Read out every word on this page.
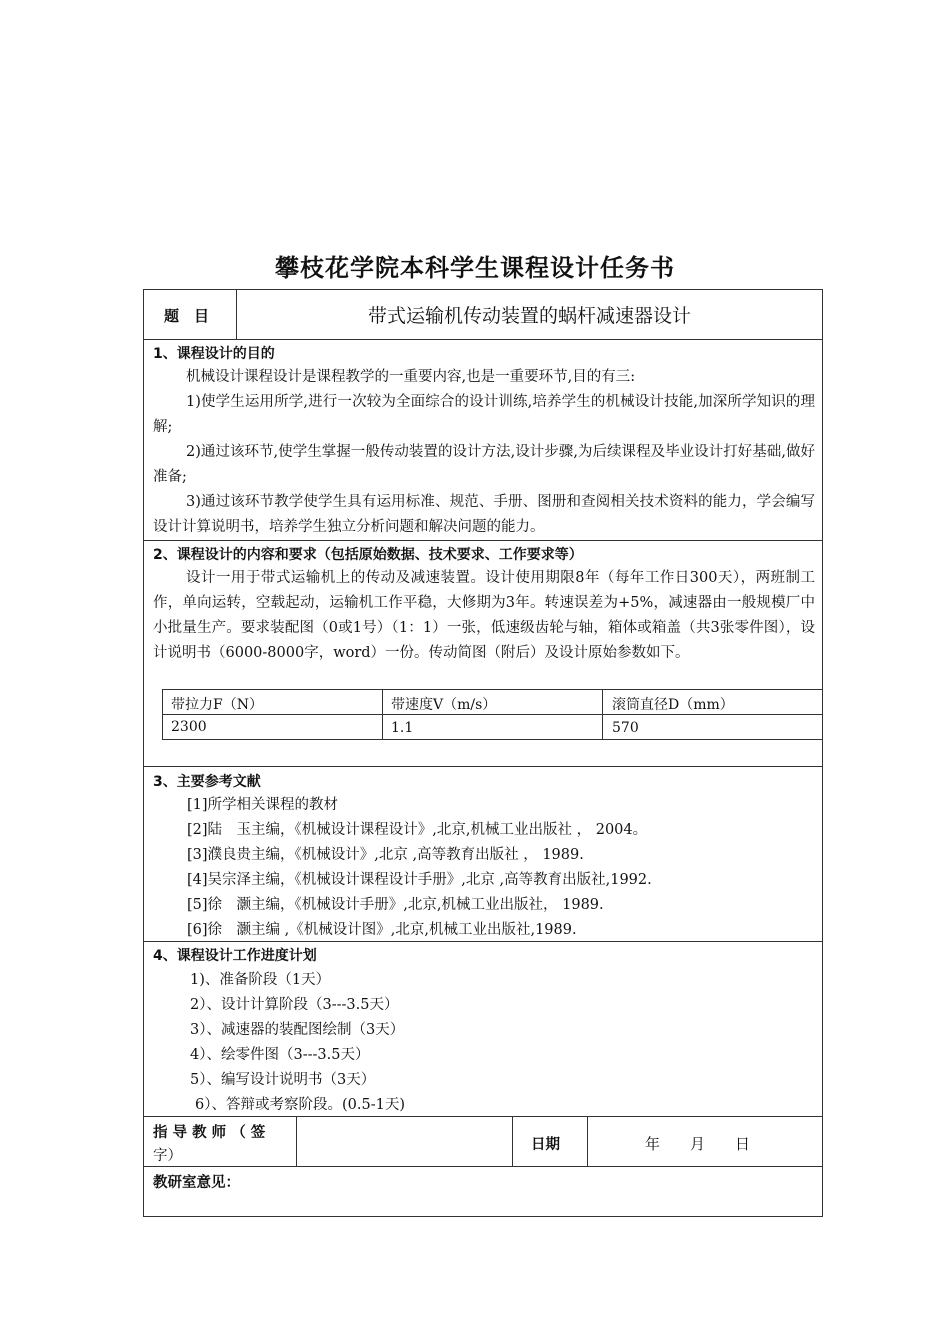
攀枝花学院本科学生课程设计任务书
题　目	带式运输机传动装置的蜗杆减速器设计
1、课程设计的目的

机械设计课程设计是课程教学的一重要内容,也是一重要环节,目的有三:

1)使学生运用所学,进行一次较为全面综合的设计训练,培养学生的机械设计技能,加深所学知识的理解;

2)通过该环节,使学生掌握一般传动装置的设计方法,设计步骤,为后续课程及毕业设计打好基础,做好准备;

3)通过该环节教学使学生具有运用标准、规范、手册、图册和查阅相关技术资料的能力，学会编写设计计算说明书，培养学生独立分析问题和解决问题的能力。

2、课程设计的内容和要求（包括原始数据、技术要求、工作要求等）

设计一用于带式运输机上的传动及减速装置。设计使用期限8年（每年工作日300天），两班制工作，单向运转，空载起动，运输机工作平稳，大修期为3年。转速误差为+5%，减速器由一般规模厂中小批量生产。要求装配图（0或1号）（1：1）一张，低速级齿轮与轴，箱体或箱盖（共3张零件图），设计说明书（6000-8000字，word）一份。传动简图（附后）及设计原始参数如下。

带拉力F（N）	带速度V（m/s）	滚筒直径D（mm）
2300	1.1	570
3、主要参考文献
[1]所学相关课程的教材
[2]陆　玉主编，《机械设计课程设计》,北京,机械工业出版社 ， 2004。
[3]濮良贵主编，《机械设计》,北京 ,高等教育出版社 ， 1989.
[4]吴宗泽主编，《机械设计课程设计手册》,北京 ,高等教育出版社,1992.
[5]徐　灏主编，《机械设计手册》,北京,机械工业出版社， 1989.
[6]徐　灏主编 ,《机械设计图》,北京,机械工业出版社,1989.
4、课程设计工作进度计划
1)、准备阶段（1天）
2）、设计计算阶段（3---3.5天）
3）、减速器的装配图绘制（3天）
4）、绘零件图（3---3.5天）
5）、编写设计说明书（3天）
6）、答辩或考察阶段。(0.5-1天)
指 导 教 师 （ 签
字）
日期	年　　月　　日
教研室意见：
